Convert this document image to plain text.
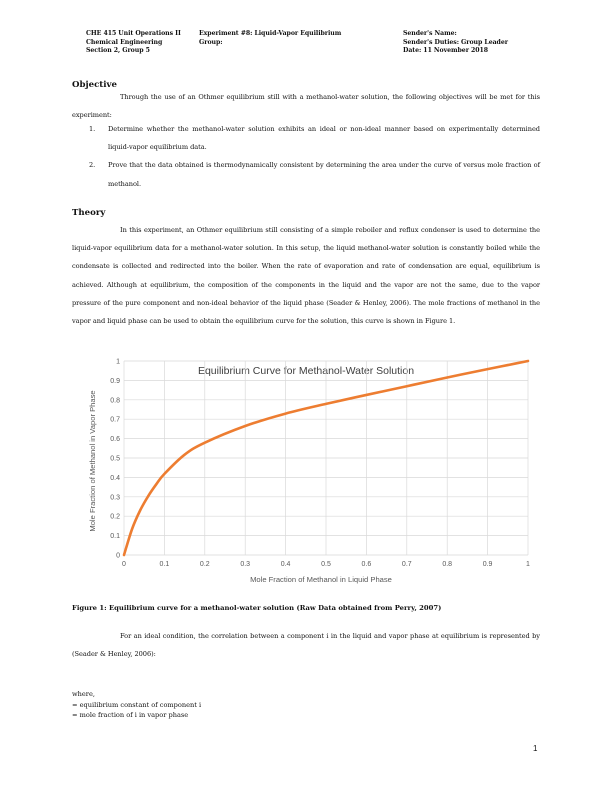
CHE 415 Unit Operations II
Chemical Engineering
Section 2, Group 5
Experiment #8: Liquid-Vapor Equilibrium
Group:
Sender's Name:
Sender's Duties: Group Leader
Date: 11 November 2018
Objective

Through the use of an Othmer equilibrium still with a methanol-water solution, the following objectives will be met for this experiment:

1. Determine whether the methanol-water solution exhibits an ideal or non-ideal manner based on experimentally determined liquid-vapor equilibrium data.
2. Prove that the data obtained is thermodynamically consistent by determining the area under the curve of versus mole fraction of methanol.
Theory

In this experiment, an Othmer equilibrium still consisting of a simple reboiler and reflux condenser is used to determine the liquid-vapor equilibrium data for a methanol-water solution. In this setup, the liquid methanol-water solution is constantly boiled while the condensate is collected and redirected into the boiler. When the rate of evaporation and rate of condensation are equal, equilibrium is achieved. Although at equilibrium, the composition of the components in the liquid and the vapor are not the same, due to the vapor pressure of the pure component and non-ideal behavior of the liquid phase (Seader & Henley, 2006). The mole fractions of methanol in the vapor and liquid phase can be used to obtain the equilibrium curve for the solution, this curve is shown in Figure 1.

Equilibrium Curve for Methanol-Water Solution
0	0.1	0.2	0.3	0.4	0.5	0.6	0.7	0.8	0.9	1
0
0.1
0.2
0.3
0.4
0.5
0.6
0.7
0.8
0.9
1
Mole Fraction of Methanol in Liquid Phase
Mole Fraction of Methanol in Vapor Phase

Figure 1: Equilibrium curve for a methanol-water solution (Raw Data obtained from Perry, 2007)

For an ideal condition, the correlation between a component i in the liquid and vapor phase at equilibrium is represented by (Seader & Henley, 2006):

where,
= equilibrium constant of component i
= mole fraction of i in vapor phase
1
